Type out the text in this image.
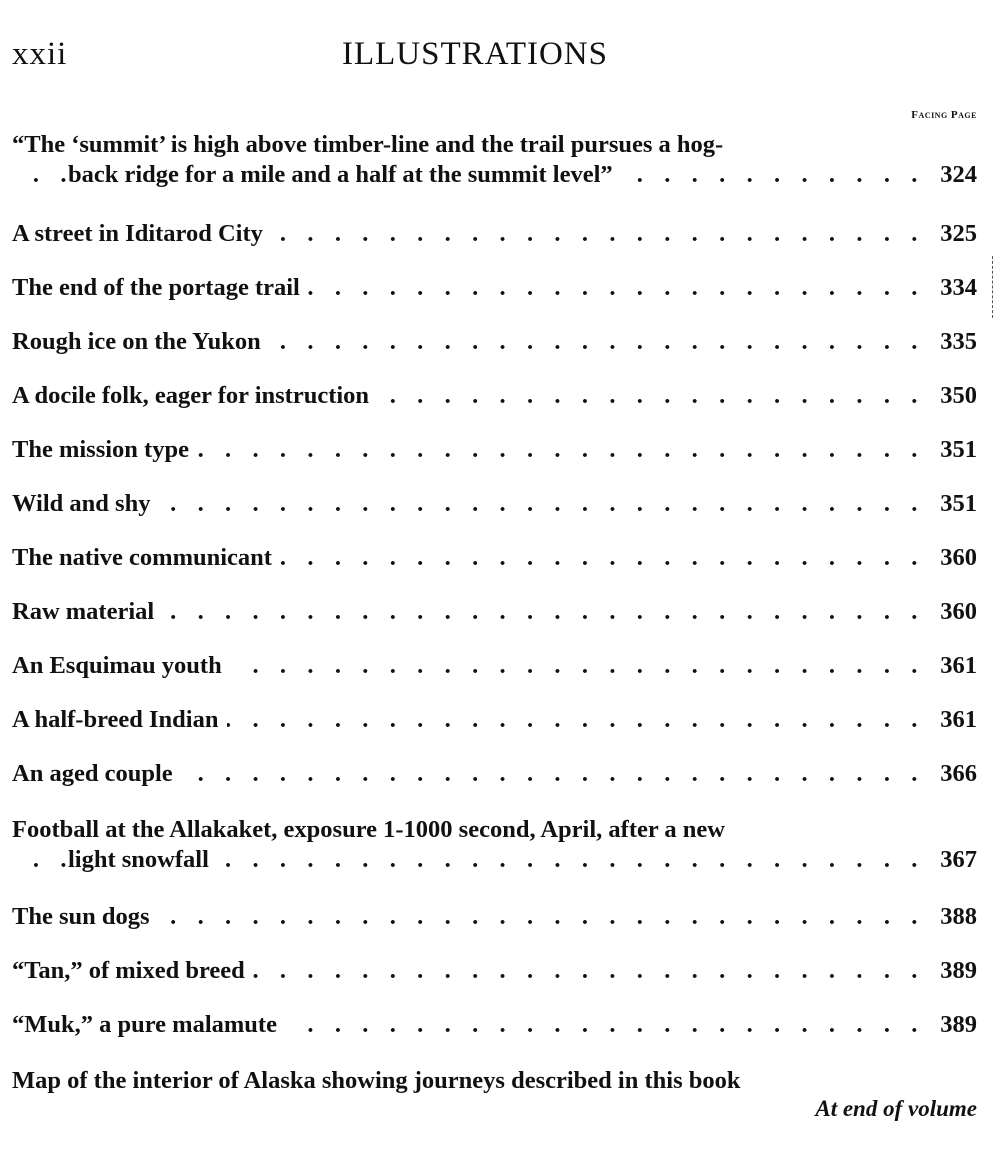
xxii	ILLUSTRATIONS
Facing Page
“The ‘summit’ is high above timber-line and the trail pursues a hog-
. . . back ridge for a mile and a half at the summit level”	324
. . . A street in Iditarod City	325
. . . The end of the portage trail	334
. . . Rough ice on the Yukon	335
. . . A docile folk, eager for instruction	350
. . . The mission type	351
. . . Wild and shy	351
. . . The native communicant	360
. . . Raw material	360
. . . An Esquimau youth	361
. . . A half-breed Indian	361
. . . An aged couple	366
Football at the Allakaket, exposure 1-1000 second, April, after a new
. . . light snowfall	367
. . . The sun dogs	388
. . . “Tan,” of mixed breed	389
. . . “Muk,” a pure malamute	389
Map of the interior of Alaska showing journeys described in this book
At end of volume
